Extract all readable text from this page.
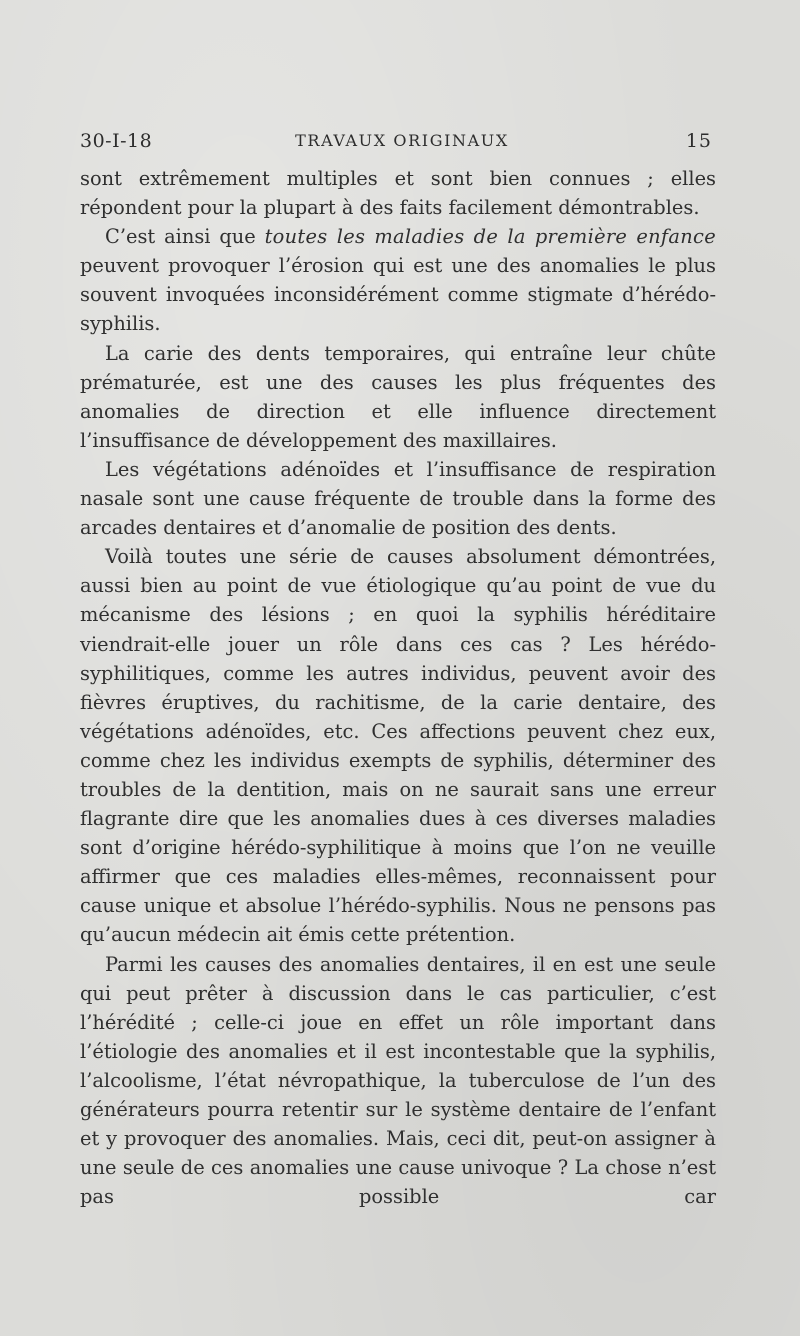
30-I-18	TRAVAUX ORIGINAUX	15

sont extrêmement multiples et sont bien connues ; elles répondent pour la plupart à des faits facilement démontrables.

C’est ainsi que toutes les maladies de la première enfance peuvent provoquer l’érosion qui est une des anomalies le plus souvent invoquées inconsidérément comme stigmate d’hérédo-syphilis.

La carie des dents temporaires, qui entraîne leur chûte prématurée, est une des causes les plus fréquentes des anomalies de direction et elle influence directement l’insuffisance de développement des maxillaires.

Les végétations adénoïdes et l’insuffisance de respiration nasale sont une cause fréquente de trouble dans la forme des arcades dentaires et d’anomalie de position des dents.

Voilà toutes une série de causes absolument démontrées, aussi bien au point de vue étiologique qu’au point de vue du mécanisme des lésions ; en quoi la syphilis héréditaire viendrait-elle jouer un rôle dans ces cas ? Les hérédo-syphilitiques, comme les autres individus, peuvent avoir des fièvres éruptives, du rachitisme, de la carie dentaire, des végétations adénoïdes, etc. Ces affections peuvent chez eux, comme chez les individus exempts de syphilis, déterminer des troubles de la dentition, mais on ne saurait sans une erreur flagrante dire que les anomalies dues à ces diverses maladies sont d’origine hérédo-syphilitique à moins que l’on ne veuille affirmer que ces maladies elles-mêmes, reconnaissent pour cause unique et absolue l’hérédo-syphilis. Nous ne pensons pas qu’aucun médecin ait émis cette prétention.

Parmi les causes des anomalies dentaires, il en est une seule qui peut prêter à discussion dans le cas particulier, c’est l’hérédité ; celle-ci joue en effet un rôle important dans l’étiologie des anomalies et il est incontestable que la syphilis, l’alcoolisme, l’état névropathique, la tuberculose de l’un des générateurs pourra retentir sur le système dentaire de l’enfant et y provoquer des anomalies. Mais, ceci dit, peut-on assigner à une seule de ces anomalies une cause univoque ? La chose n’est pas possible car
